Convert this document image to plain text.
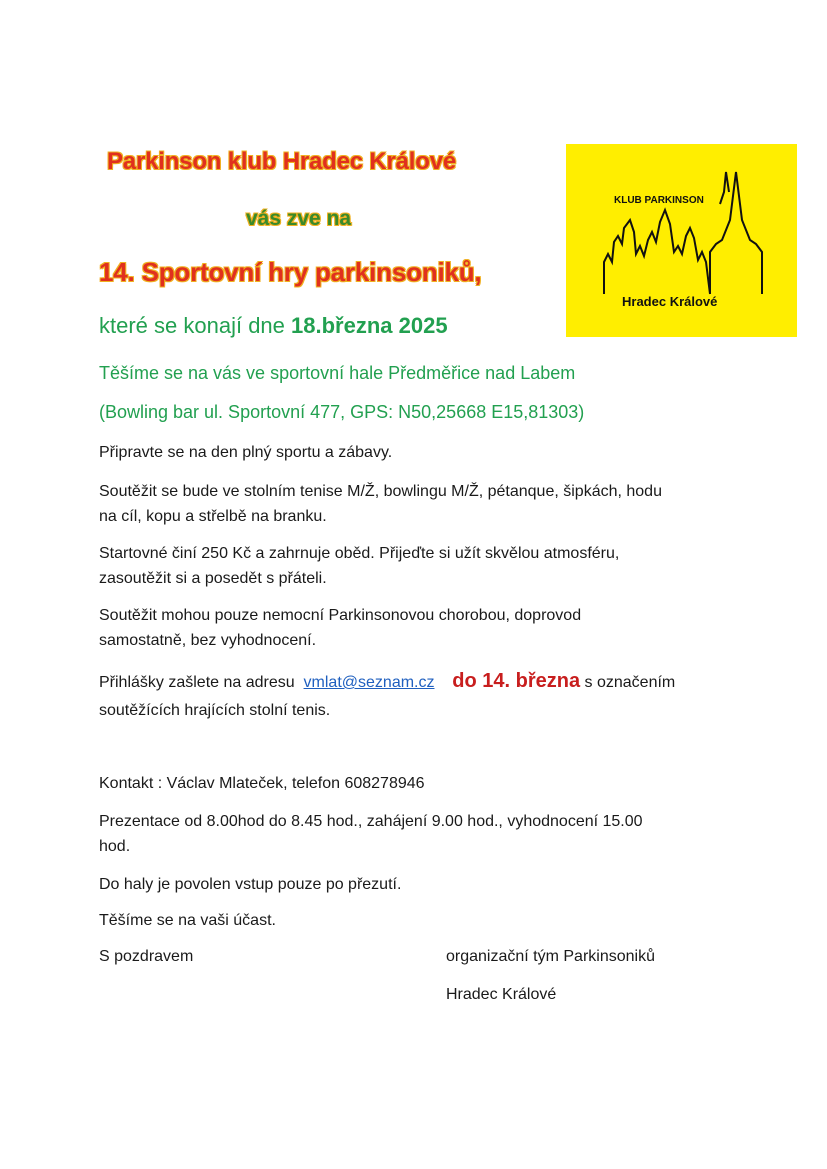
Parkinson klub Hradec Králové
vás zve na
14. Sportovní hry parkinsoniků,
které se konají dne 18.března 2025
KLUB PARKINSON
Hradec Králové
Těšíme se na vás ve sportovní hale Předměřice nad Labem
(Bowling bar ul. Sportovní 477, GPS: N50,25668 E15,81303)
Připravte se na den plný sportu a zábavy.
Soutěžit se bude ve stolním tenise M/Ž, bowlingu M/Ž, pétanque, šipkách, hodu
na cíl, kopu a střelbě na branku.
Startovné činí 250 Kč a zahrnuje oběd. Přijeďte si užít skvělou atmosféru,
zasoutěžit si a posedět s přáteli.
Soutěžit mohou pouze nemocní Parkinsonovou chorobou, doprovod
samostatně, bez vyhodnocení.
Přihlášky zašlete na adresu vmlat@seznam.cz do 14. března s označením
soutěžících hrajících stolní tenis.
Kontakt : Václav Mlateček, telefon 608278946
Prezentace od 8.00hod do 8.45 hod., zahájení 9.00 hod., vyhodnocení 15.00
hod.
Do haly je povolen vstup pouze po přezutí.
Těšíme se na vaši účast.
S pozdravem	organizační tým Parkinsoniků
Hradec Králové
